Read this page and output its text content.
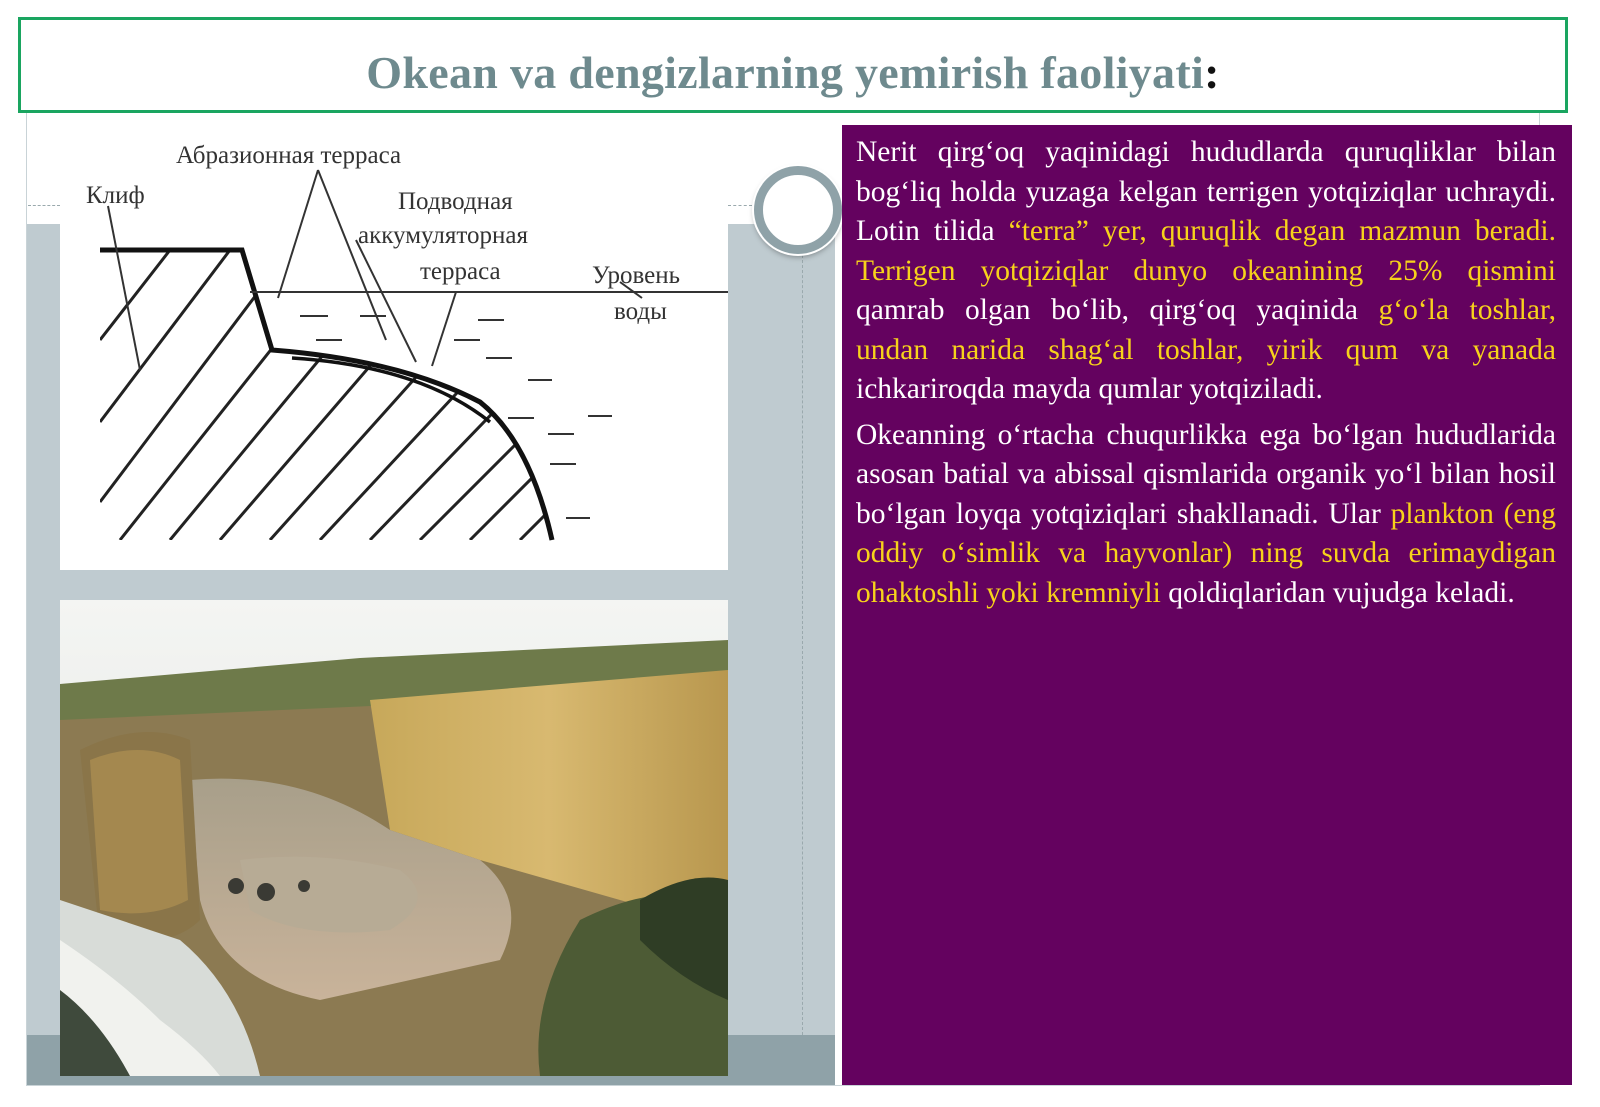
Okean va dengizlarning yemirish faoliyati:
Абразионная терраса
Клиф	Подводная
аккумуляторная
терраса	Уровень
воды

Nerit qirg‘oq yaqinidagi hududlarda quruqliklar bilan bog‘liq holda yuzaga kelgan terrigen yotqiziqlar uchraydi. Lotin tilida “terra” yer, quruqlik degan mazmun beradi. Terrigen yotqiziqlar dunyo okeanining 25% qismini qamrab olgan bo‘lib, qirg‘oq yaqinida g‘o‘la toshlar, undan narida shag‘al toshlar, yirik qum va yanada ichkariroqda mayda qumlar yotqiziladi.

Okeanning o‘rtacha chuqurlikka ega bo‘lgan hududlarida asosan batial va abissal qismlarida organik yo‘l bilan hosil bo‘lgan loyqa yotqiziqlari shakllanadi. Ular plankton (eng oddiy o‘simlik va hayvonlar) ning suvda erimaydigan ohaktoshli yoki kremniyli qoldiqlaridan vujudga keladi.
